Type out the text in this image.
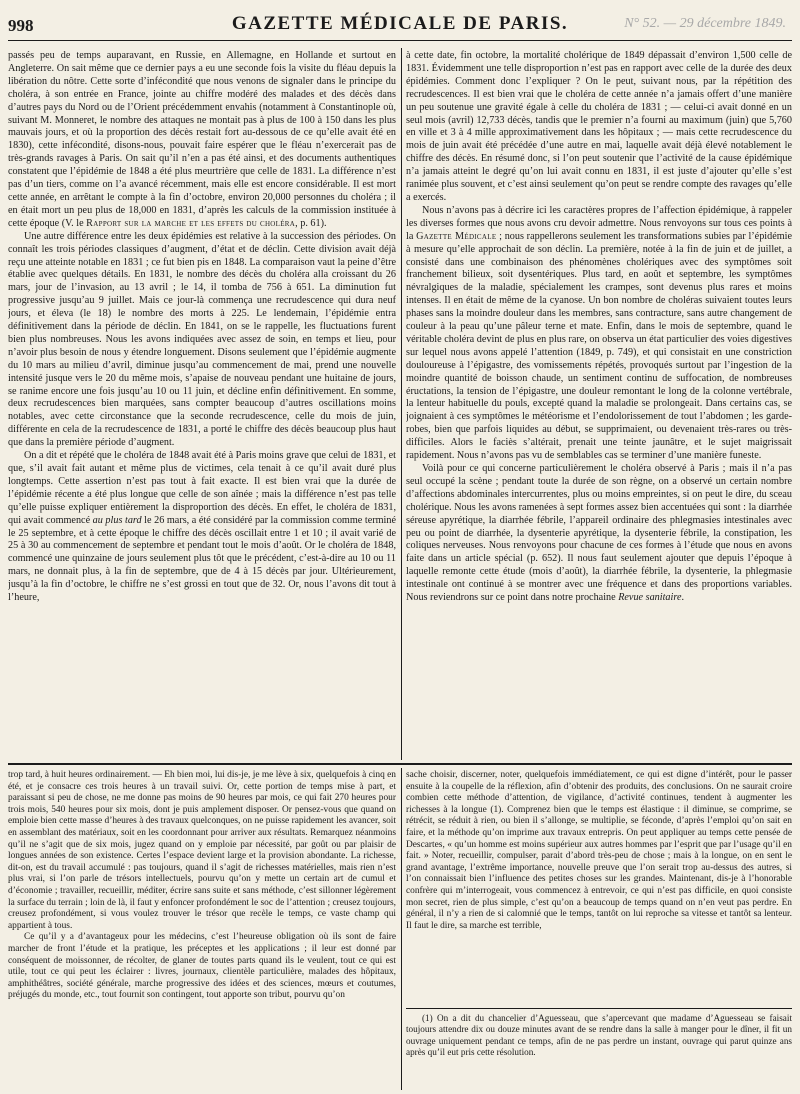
998	GAZETTE MÉDICALE DE PARIS.	N° 52. — 29 décembre 1849.

passés peu de temps auparavant, en Russie, en Allemagne, en Hollande et surtout en Angleterre. On sait même que ce dernier pays a eu une seconde fois la visite du fléau depuis la libération du nôtre. Cette sorte d’infécondité que nous venons de signaler dans le principe du choléra, à son entrée en France, jointe au chiffre modéré des malades et des décès dans d’autres pays du Nord ou de l’Orient précédemment envahis (notamment à Constantinople où, suivant M. Monneret, le nombre des attaques ne montait pas à plus de 100 à 150 dans les plus mauvais jours, et où la proportion des décès restait fort au-dessous de ce qu’elle avait été en 1830), cette infécondité, disons-nous, pouvait faire espérer que le fléau n’exercerait pas de très-grands ravages à Paris. On sait qu’il n’en a pas été ainsi, et des documents authentiques constatent que l’épidémie de 1848 a été plus meurtrière que celle de 1831. La différence n’est pas d’un tiers, comme on l’a avancé récemment, mais elle est encore considérable. Il est mort cette année, en arrêtant le compte à la fin d’octobre, environ 20,000 personnes du choléra ; il en était mort un peu plus de 18,000 en 1831, d’après les calculs de la commission instituée à cette époque (V. le Rapport sur la marche et les effets du choléra, p. 61).

Une autre différence entre les deux épidémies est relative à la succession des périodes. On connaît les trois périodes classiques d’augment, d’état et de déclin. Cette division avait déjà reçu une atteinte notable en 1831 ; ce fut bien pis en 1848. La comparaison vaut la peine d’être établie avec quelques détails. En 1831, le nombre des décès du choléra alla croissant du 26 mars, jour de l’invasion, au 13 avril ; le 14, il tomba de 756 à 651. La diminution fut progressive jusqu’au 9 juillet. Mais ce jour-là commença une recrudescence qui dura neuf jours, et éleva (le 18) le nombre des morts à 225. Le lendemain, l’épidémie entra définitivement dans la période de déclin. En 1841, on se le rappelle, les fluctuations furent bien plus nombreuses. Nous les avons indiquées avec assez de soin, en temps et lieu, pour n’avoir plus besoin de nous y étendre longuement. Disons seulement que l’épidémie augmente du 10 mars au milieu d’avril, diminue jusqu’au commencement de mai, prend une nouvelle intensité jusque vers le 20 du même mois, s’apaise de nouveau pendant une huitaine de jours, se ranime encore une fois jusqu’au 10 ou 11 juin, et décline enfin définitivement. En somme, deux recrudescences bien marquées, sans compter beaucoup d’autres oscillations moins notables, avec cette circonstance que la seconde recrudescence, celle du mois de juin, différente en cela de la recrudescence de 1831, a porté le chiffre des décès beaucoup plus haut que dans la première période d’augment.

On a dit et répété que le choléra de 1848 avait été à Paris moins grave que celui de 1831, et que, s’il avait fait autant et même plus de victimes, cela tenait à ce qu’il avait duré plus longtemps. Cette assertion n’est pas tout à fait exacte. Il est bien vrai que la durée de l’épidémie récente a été plus longue que celle de son aînée ; mais la différence n’est pas telle qu’elle puisse expliquer entièrement la disproportion des décès. En effet, le choléra de 1831, qui avait commencé au plus tard le 26 mars, a été considéré par la commission comme terminé le 25 septembre, et à cette époque le chiffre des décès oscillait entre 1 et 10 ; il avait varié de 25 à 30 au commencement de septembre et pendant tout le mois d’août. Or le choléra de 1848, commencé une quinzaine de jours seulement plus tôt que le précédent, c’est-à-dire au 10 ou 11 mars, ne donnait plus, à la fin de septembre, que de 4 à 15 décès par jour. Ultérieurement, jusqu’à la fin d’octobre, le chiffre ne s’est grossi en tout que de 32. Or, nous l’avons dit tout à l’heure,

à cette date, fin octobre, la mortalité cholérique de 1849 dépassait d’environ 1,500 celle de 1831. Évidemment une telle disproportion n’est pas en rapport avec celle de la durée des deux épidémies. Comment donc l’expliquer ? On le peut, suivant nous, par la répétition des recrudescences. Il est bien vrai que le choléra de cette année n’a jamais offert d’une manière un peu soutenue une gravité égale à celle du choléra de 1831 ; — celui-ci avait donné en un seul mois (avril) 12,733 décès, tandis que le premier n’a fourni au maximum (juin) que 5,760 en ville et 3 à 4 mille approximativement dans les hôpitaux ; — mais cette recrudescence du mois de juin avait été précédée d’une autre en mai, laquelle avait déjà élevé notablement le chiffre des décès. En résumé donc, si l’on peut soutenir que l’activité de la cause épidémique n’a jamais atteint le degré qu’on lui avait connu en 1831, il est juste d’ajouter qu’elle s’est ranimée plus souvent, et c’est ainsi seulement qu’on peut se rendre compte des ravages qu’elle a exercés.

Nous n’avons pas à décrire ici les caractères propres de l’affection épidémique, à rappeler les diverses formes que nous avons cru devoir admettre. Nous renvoyons sur tous ces points à la Gazette Médicale ; nous rappellerons seulement les transformations subies par l’épidémie à mesure qu’elle approchait de son déclin. La première, notée à la fin de juin et de juillet, a consisté dans une combinaison des phénomènes cholériques avec des symptômes soit franchement bilieux, soit dysentériques. Plus tard, en août et septembre, les symptômes névralgiques de la maladie, spécialement les crampes, sont devenus plus rares et moins intenses. Il en était de même de la cyanose. Un bon nombre de choléras suivaient toutes leurs phases sans la moindre douleur dans les membres, sans contracture, sans autre changement de couleur à la peau qu’une pâleur terne et mate. Enfin, dans le mois de septembre, quand le véritable choléra devint de plus en plus rare, on observa un état particulier des voies digestives sur lequel nous avons appelé l’attention (1849, p. 749), et qui consistait en une constriction douloureuse à l’épigastre, des vomissements répétés, provoqués surtout par l’ingestion de la moindre quantité de boisson chaude, un sentiment continu de suffocation, de nombreuses éructations, la tension de l’épigastre, une douleur remontant le long de la colonne vertébrale, la lenteur habituelle du pouls, excepté quand la maladie se prolongeait. Dans certains cas, se joignaient à ces symptômes le météorisme et l’endolorissement de tout l’abdomen ; les garde-robes, bien que parfois liquides au début, se supprimaient, ou devenaient très-rares ou très-difficiles. Alors le faciès s’altérait, prenait une teinte jaunâtre, et le sujet maigrissait rapidement. Nous n’avons pas vu de semblables cas se terminer d’une manière funeste.

Voilà pour ce qui concerne particulièrement le choléra observé à Paris ; mais il n’a pas seul occupé la scène ; pendant toute la durée de son règne, on a observé un certain nombre d’affections abdominales intercurrentes, plus ou moins empreintes, si on peut le dire, du sceau cholérique. Nous les avons ramenées à sept formes assez bien accentuées qui sont : la diarrhée séreuse apyrétique, la diarrhée fébrile, l’appareil ordinaire des phlegmasies intestinales avec peu ou point de diarrhée, la dysenterie apyrétique, la dysenterie fébrile, la constipation, les coliques nerveuses. Nous renvoyons pour chacune de ces formes à l’étude que nous en avons faite dans un article spécial (p. 652). Il nous faut seulement ajouter que depuis l’époque à laquelle remonte cette étude (mois d’août), la diarrhée fébrile, la dysenterie, la phlegmasie intestinale ont continué à se montrer avec une fréquence et dans des proportions variables. Nous reviendrons sur ce point dans notre prochaine Revue sanitaire.

trop tard, à huit heures ordinairement. — Eh bien moi, lui dis-je, je me lève à six, quelquefois à cinq en été, et je consacre ces trois heures à un travail suivi. Or, cette portion de temps mise à part, et paraissant si peu de chose, ne me donne pas moins de 90 heures par mois, ce qui fait 270 heures pour trois mois, 540 heures pour six mois, dont je puis amplement disposer. Or pensez-vous que quand on emploie bien cette masse d’heures à des travaux quelconques, on ne puisse rapidement les avancer, soit en assemblant des matériaux, soit en les coordonnant pour arriver aux résultats. Remarquez néanmoins qu’il ne s’agit que de six mois, jugez quand on y emploie par nécessité, par goût ou par plaisir de longues années de son existence. Certes l’espace devient large et la provision abondante. La richesse, dit-on, est du travail accumulé : pas toujours, quand il s’agit de richesses matérielles, mais rien n’est plus vrai, si l’on parle de trésors intellectuels, pourvu qu’on y mette un certain art de cumul et d’économie ; travailler, recueillir, méditer, écrire sans suite et sans méthode, c’est sillonner légèrement la surface du terrain ; loin de là, il faut y enfoncer profondément le soc de l’attention ; creusez toujours, creusez profondément, si vous voulez trouver le trésor que recèle le temps, ce vaste champ qui appartient à tous.

Ce qu’il y a d’avantageux pour les médecins, c’est l’heureuse obligation où ils sont de faire marcher de front l’étude et la pratique, les préceptes et les applications ; il leur est donné par conséquent de moissonner, de récolter, de glaner de toutes parts quand ils le veulent, tout ce qui est utile, tout ce qui peut les éclairer : livres, journaux, clientèle particulière, malades des hôpitaux, amphithéâtres, société générale, marche progressive des idées et des sciences, mœurs et coutumes, préjugés du monde, etc., tout fournit son contingent, tout apporte son tribut, pourvu qu’on

sache choisir, discerner, noter, quelquefois immédiatement, ce qui est digne d’intérêt, pour le passer ensuite à la coupelle de la réflexion, afin d’obtenir des produits, des conclusions. On ne saurait croire combien cette méthode d’attention, de vigilance, d’activité continues, tendent à augmenter les richesses à la longue (1). Comprenez bien que le temps est élastique : il diminue, se comprime, se rétrécit, se réduit à rien, ou bien il s’allonge, se multiplie, se féconde, d’après l’emploi qu’on sait en faire, et la méthode qu’on imprime aux travaux entrepris. On peut appliquer au temps cette pensée de Descartes, « qu’un homme est moins supérieur aux autres hommes par l’esprit que par l’usage qu’il en fait. » Noter, recueillir, compulser, parait d’abord très-peu de chose ; mais à la longue, on en sent le grand avantage, l’extrême importance, nouvelle preuve que l’on serait trop au-dessus des autres, si l’on connaissait bien l’influence des petites choses sur les grandes. Maintenant, dis-je à l’honorable confrère qui m’interrogeait, vous commencez à entrevoir, ce qui n’est pas difficile, en quoi consiste mon secret, rien de plus simple, c’est qu’on a beaucoup de temps quand on n’en veut pas perdre. En général, il n’y a rien de si calomnié que le temps, tantôt on lui reproche sa vitesse et tantôt sa lenteur. Il faut le dire, sa marche est terrible,

(1) On a dit du chancelier d’Aguesseau, que s’apercevant que madame d’Aguesseau se faisait toujours attendre dix ou douze minutes avant de se rendre dans la salle à manger pour le dîner, il fit un ouvrage uniquement pendant ce temps, afin de ne pas perdre un instant, ouvrage qui parut quinze ans après qu’il eut pris cette résolution.
